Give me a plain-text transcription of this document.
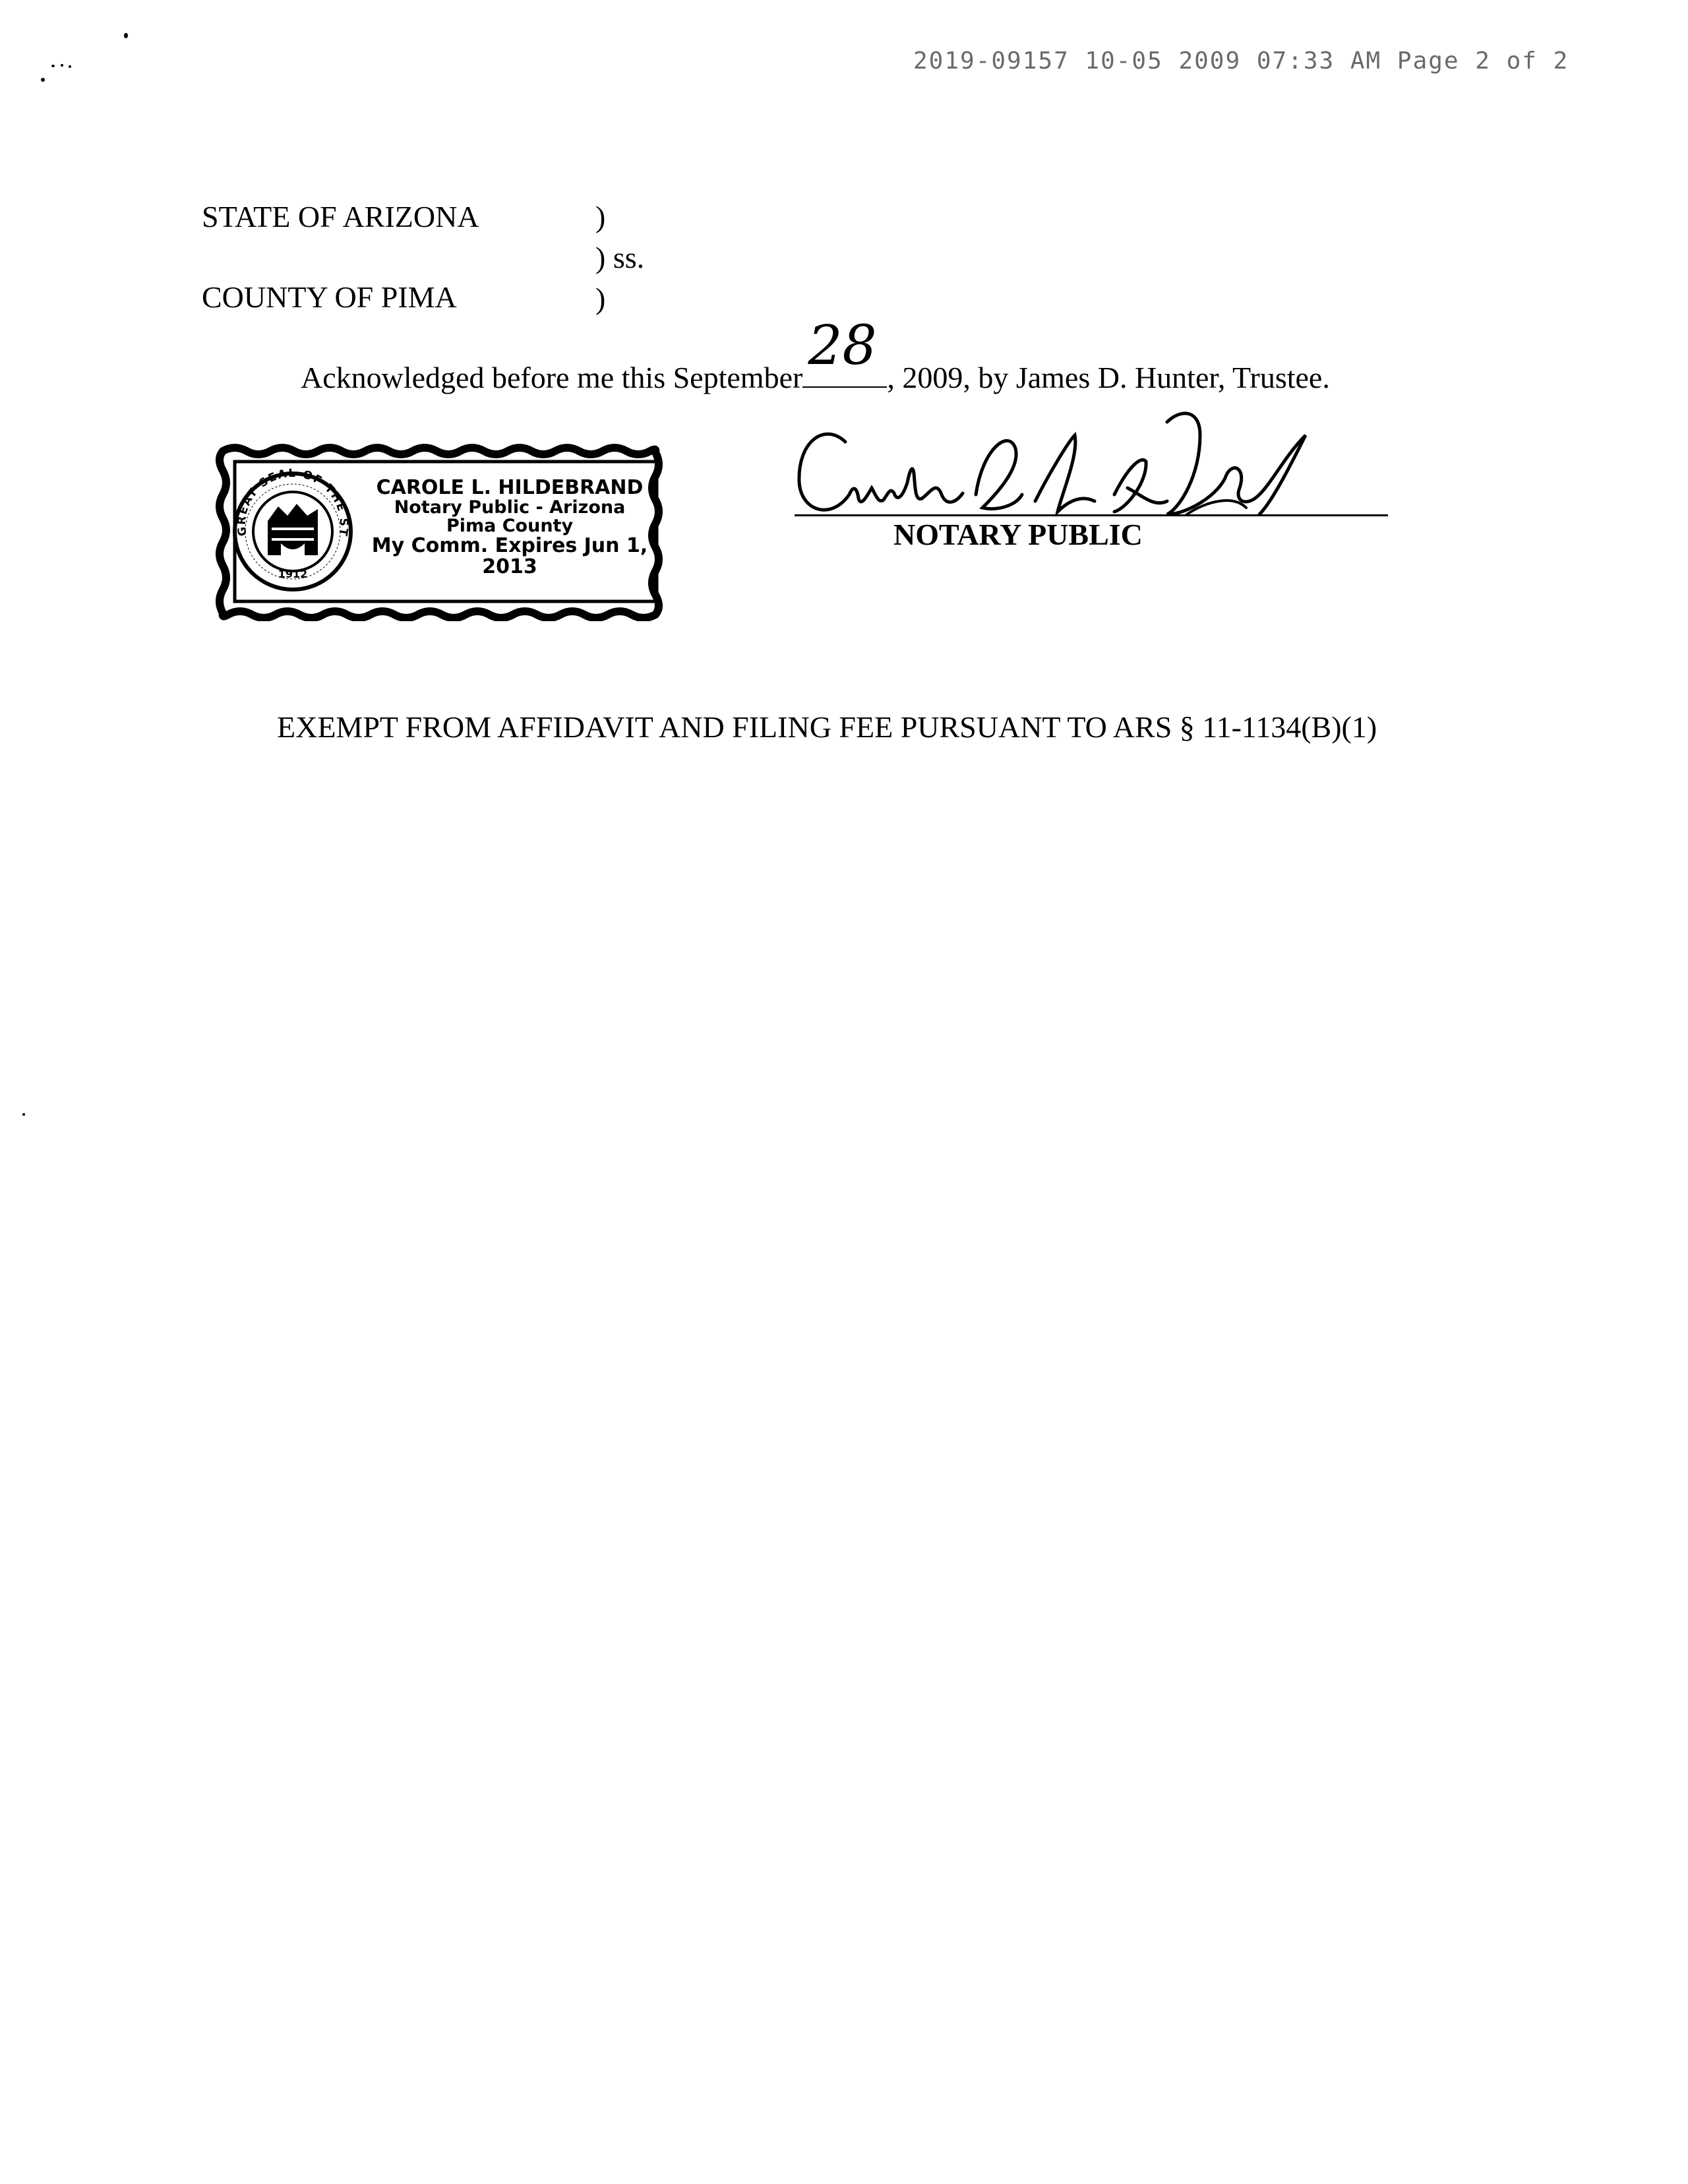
2019-09157 10-05 2009 07:33 AM Page 2 of 2
STATE OF ARIZONA	)
) ss.
COUNTY OF PIMA	)
Acknowledged before me this September
28
, 2009, by James D. Hunter, Trustee.
1912
GREAT SEAL OF THE ST
CAROLE L. HILDEBRAND
Notary Public - Arizona
Pima County
My Comm. Expires Jun 1, 2013
NOTARY PUBLIC
EXEMPT FROM AFFIDAVIT AND FILING FEE PURSUANT TO ARS § 11-1134(B)(1)
